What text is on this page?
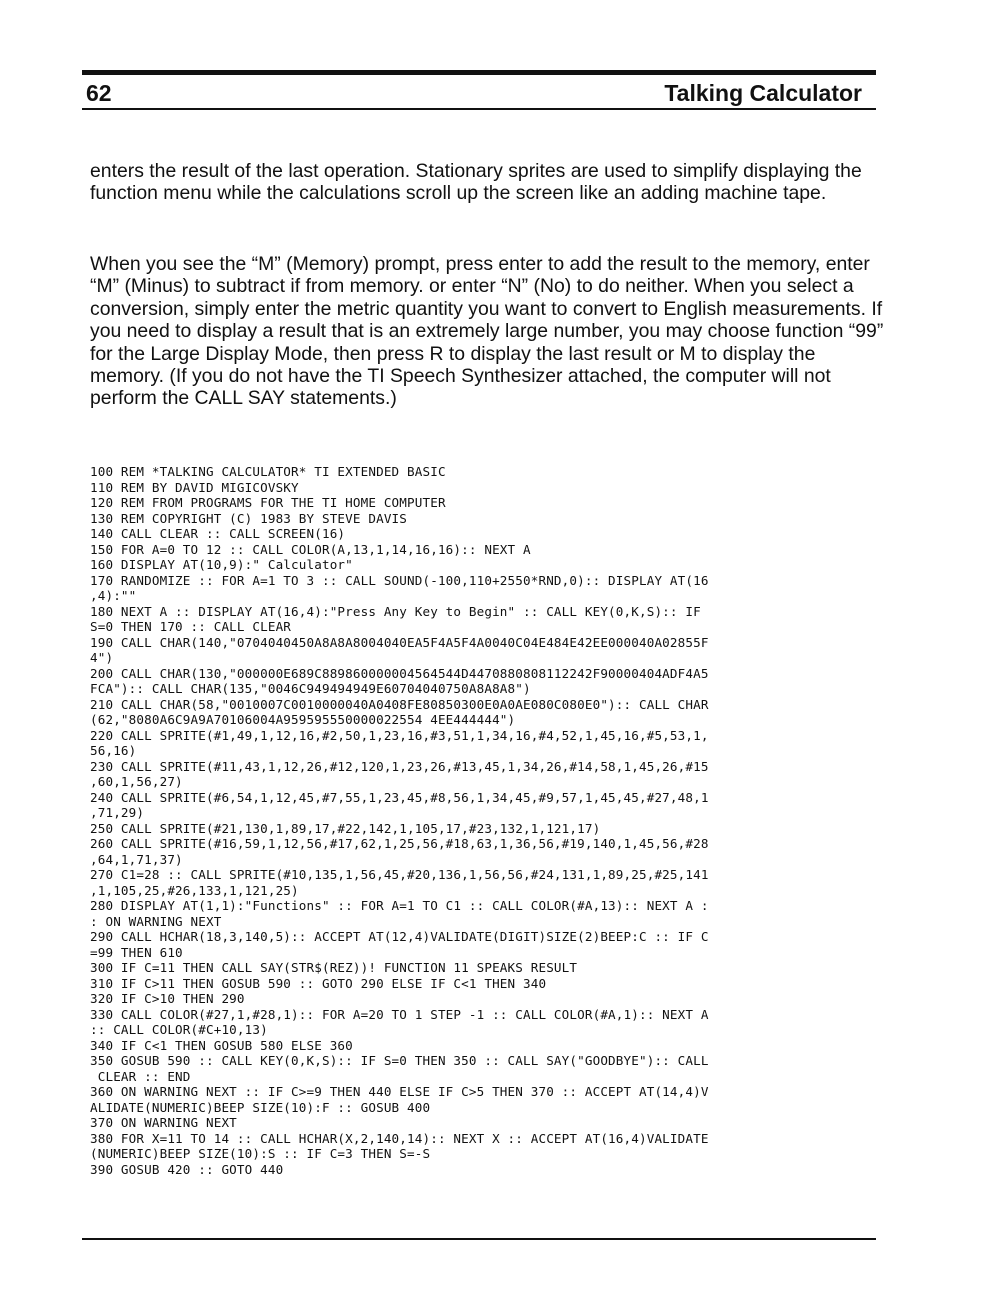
62	Talking Calculator

enters the result of the last operation. Stationary sprites are used to simplify displaying the function menu while the calculations scroll up the screen like an adding machine tape.

When you see the “M” (Memory) prompt, press enter to add the result to the memory, enter “M” (Minus) to subtract if from memory. or enter “N” (No) to do neither. When you select a conversion, simply enter the metric quantity you want to convert to English measurements. If you need to display a result that is an extremely large number, you may choose function “99” for the Large Display Mode, then press R to display the last result or M to display the memory. (If you do not have the TI Speech Synthesizer attached, the computer will not perform the CALL SAY statements.)

100 REM *TALKING CALCULATOR* TI EXTENDED BASIC
110 REM BY DAVID MIGICOVSKY
120 REM FROM PROGRAMS FOR THE TI HOME COMPUTER
130 REM COPYRIGHT (C) 1983 BY STEVE DAVIS
140 CALL CLEAR :: CALL SCREEN(16)
150 FOR A=0 TO 12 :: CALL COLOR(A,13,1,14,16,16):: NEXT A
160 DISPLAY AT(10,9):" Calculator"
170 RANDOMIZE :: FOR A=1 TO 3 :: CALL SOUND(-100,110+2550*RND,0):: DISPLAY AT(16
,4):""
180 NEXT A :: DISPLAY AT(16,4):"Press Any Key to Begin" :: CALL KEY(0,K,S):: IF
S=0 THEN 170 :: CALL CLEAR
190 CALL CHAR(140,"0704040450A8A8A8004040EA5F4A5F4A0040C04E484E42EE000040A02855F
4")
200 CALL CHAR(130,"000000E689C889860000004564544D4470880808112242F90000404ADF4A5
FCA"):: CALL CHAR(135,"0046C949494949E60704040750A8A8A8")
210 CALL CHAR(58,"0010007C0010000040A0408FE80850300E0A0AE080C080E0"):: CALL CHAR
(62,"8080A6C9A9A70106004A959595550000022554 4EE444444")
220 CALL SPRITE(#1,49,1,12,16,#2,50,1,23,16,#3,51,1,34,16,#4,52,1,45,16,#5,53,1,
56,16)
230 CALL SPRITE(#11,43,1,12,26,#12,120,1,23,26,#13,45,1,34,26,#14,58,1,45,26,#15
,60,1,56,27)
240 CALL SPRITE(#6,54,1,12,45,#7,55,1,23,45,#8,56,1,34,45,#9,57,1,45,45,#27,48,1
,71,29)
250 CALL SPRITE(#21,130,1,89,17,#22,142,1,105,17,#23,132,1,121,17)
260 CALL SPRITE(#16,59,1,12,56,#17,62,1,25,56,#18,63,1,36,56,#19,140,1,45,56,#28
,64,1,71,37)
270 C1=28 :: CALL SPRITE(#10,135,1,56,45,#20,136,1,56,56,#24,131,1,89,25,#25,141
,1,105,25,#26,133,1,121,25)
280 DISPLAY AT(1,1):"Functions" :: FOR A=1 TO C1 :: CALL COLOR(#A,13):: NEXT A :
: ON WARNING NEXT
290 CALL HCHAR(18,3,140,5):: ACCEPT AT(12,4)VALIDATE(DIGIT)SIZE(2)BEEP:C :: IF C
=99 THEN 610
300 IF C=11 THEN CALL SAY(STR$(REZ))! FUNCTION 11 SPEAKS RESULT
310 IF C>11 THEN GOSUB 590 :: GOTO 290 ELSE IF C<1 THEN 340
320 IF C>10 THEN 290
330 CALL COLOR(#27,1,#28,1):: FOR A=20 TO 1 STEP -1 :: CALL COLOR(#A,1):: NEXT A
:: CALL COLOR(#C+10,13)
340 IF C<1 THEN GOSUB 580 ELSE 360
350 GOSUB 590 :: CALL KEY(0,K,S):: IF S=0 THEN 350 :: CALL SAY("GOODBYE"):: CALL
CLEAR :: END
360 ON WARNING NEXT :: IF C>=9 THEN 440 ELSE IF C>5 THEN 370 :: ACCEPT AT(14,4)V
ALIDATE(NUMERIC)BEEP SIZE(10):F :: GOSUB 400
370 ON WARNING NEXT
380 FOR X=11 TO 14 :: CALL HCHAR(X,2,140,14):: NEXT X :: ACCEPT AT(16,4)VALIDATE
(NUMERIC)BEEP SIZE(10):S :: IF C=3 THEN S=-S
390 GOSUB 420 :: GOTO 440
